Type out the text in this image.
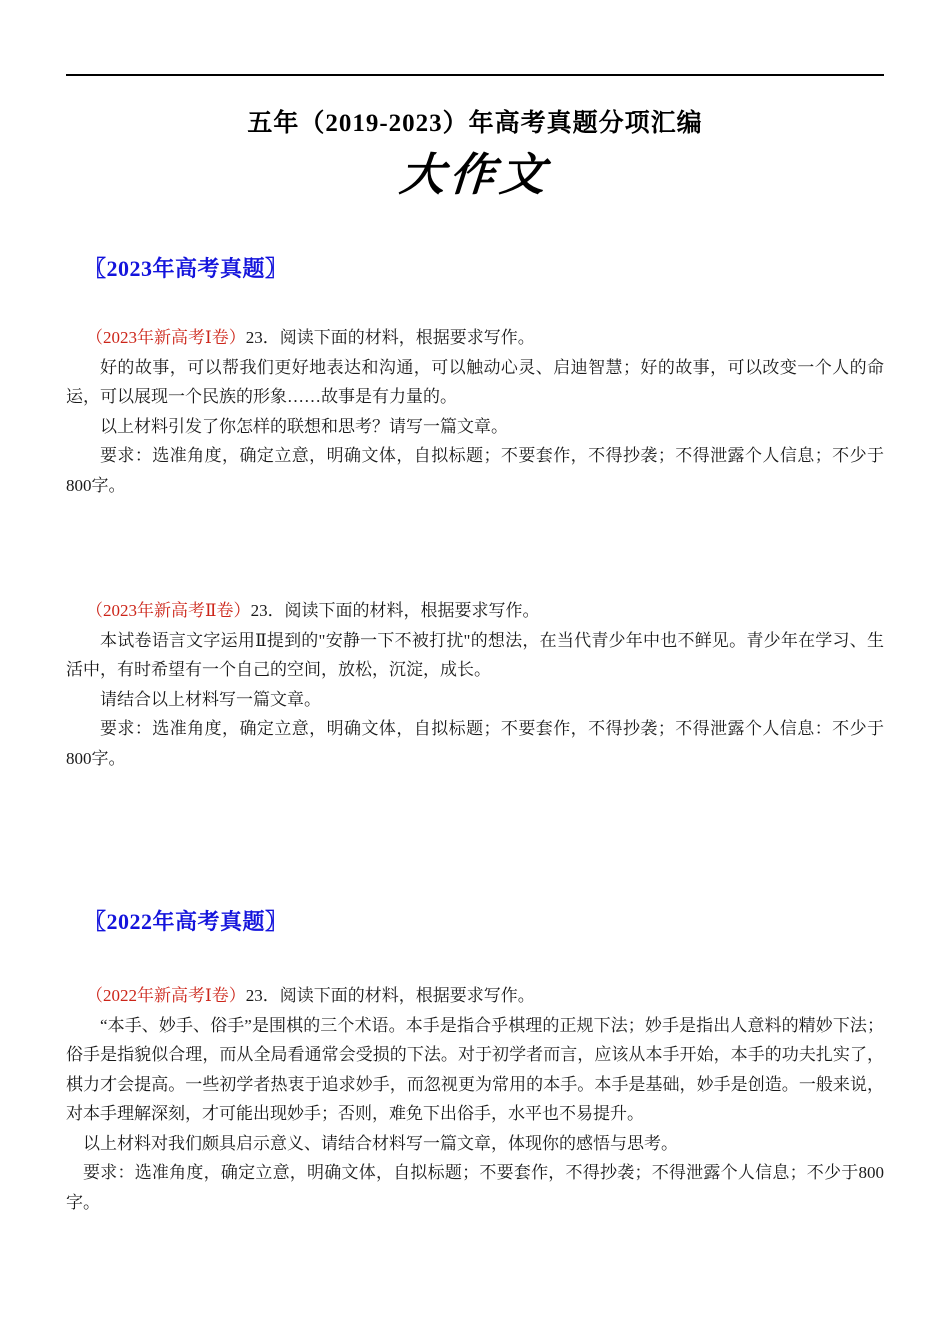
五年（2019-2023）年高考真题分项汇编
大作文
〖2023年高考真题〗

（2023年新高考Ⅰ卷）23．阅读下面的材料，根据要求写作。

好的故事，可以帮我们更好地表达和沟通，可以触动心灵、启迪智慧；好的故事，可以改变一个人的命运，可以展现一个民族的形象……故事是有力量的。

以上材料引发了你怎样的联想和思考？请写一篇文章。

要求：选准角度，确定立意，明确文体，自拟标题；不要套作，不得抄袭；不得泄露个人信息；不少于800字。

（2023年新高考Ⅱ卷）23．阅读下面的材料，根据要求写作。

本试卷语言文字运用Ⅱ提到的"安静一下不被打扰"的想法，在当代青少年中也不鲜见。青少年在学习、生活中，有时希望有一个自己的空间，放松，沉淀，成长。

请结合以上材料写一篇文章。

要求：选准角度，确定立意，明确文体，自拟标题；不要套作，不得抄袭；不得泄露个人信息：不少于800字。

〖2022年高考真题〗

（2022年新高考Ⅰ卷）23．阅读下面的材料，根据要求写作。

“本手、妙手、俗手”是围棋的三个术语。本手是指合乎棋理的正规下法；妙手是指出人意料的精妙下法；俗手是指貌似合理，而从全局看通常会受损的下法。对于初学者而言，应该从本手开始，本手的功夫扎实了，棋力才会提高。一些初学者热衷于追求妙手，而忽视更为常用的本手。本手是基础，妙手是创造。一般来说，对本手理解深刻，才可能出现妙手；否则，难免下出俗手，水平也不易提升。

以上材料对我们颇具启示意义、请结合材料写一篇文章，体现你的感悟与思考。

要求：选准角度，确定立意，明确文体，自拟标题；不要套作，不得抄袭；不得泄露个人信息；不少于800字。
